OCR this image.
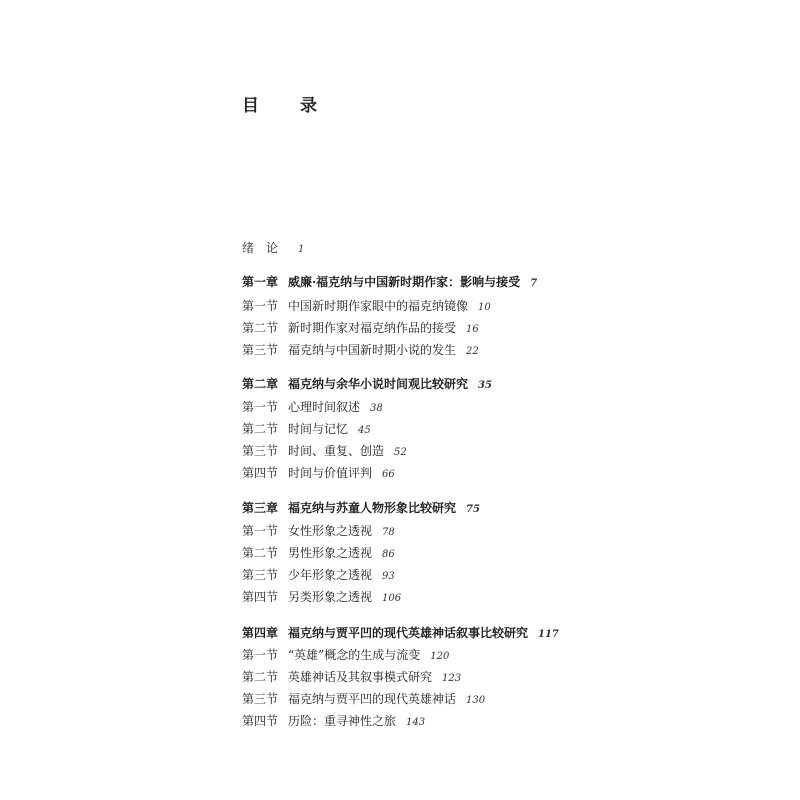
目　录
绪　论 1
第一章 威廉·福克纳与中国新时期作家：影响与接受 7
第一节 中国新时期作家眼中的福克纳镜像 10
第二节 新时期作家对福克纳作品的接受 16
第三节 福克纳与中国新时期小说的发生 22
第二章 福克纳与余华小说时间观比较研究 35
第一节 心理时间叙述 38
第二节 时间与记忆 45
第三节 时间、重复、创造 52
第四节 时间与价值评判 66
第三章 福克纳与苏童人物形象比较研究 75
第一节 女性形象之透视 78
第二节 男性形象之透视 86
第三节 少年形象之透视 93
第四节 另类形象之透视 106
第四章 福克纳与贾平凹的现代英雄神话叙事比较研究 117
第一节 “英雄”概念的生成与流变 120
第二节 英雄神话及其叙事模式研究 123
第三节 福克纳与贾平凹的现代英雄神话 130
第四节 历险：重寻神性之旅 143
